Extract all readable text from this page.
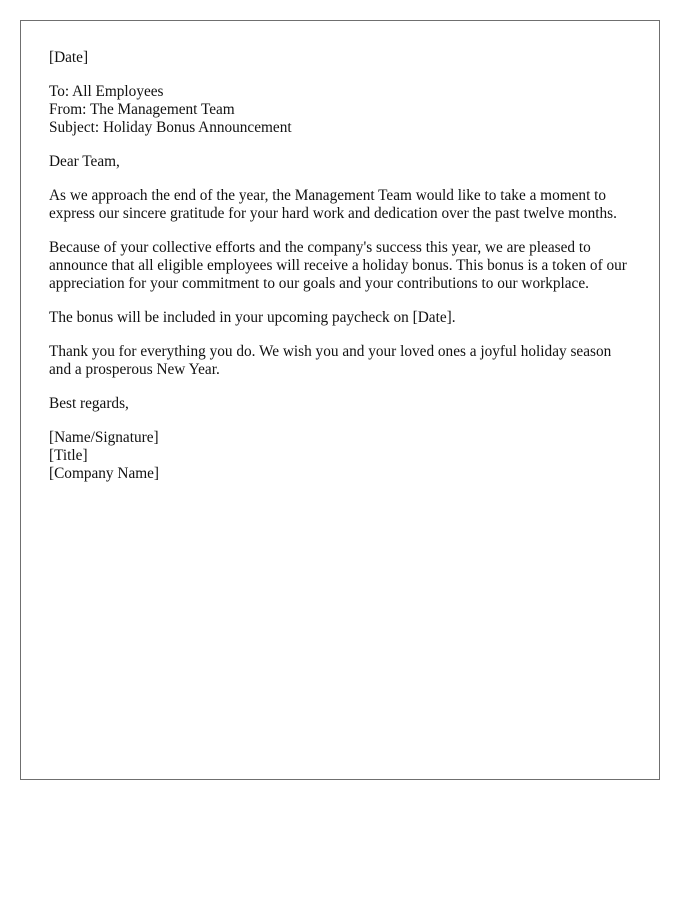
[Date]

To: All Employees
From: The Management Team
Subject: Holiday Bonus Announcement

Dear Team,

As we approach the end of the year, the Management Team would like to take a moment to express our sincere gratitude for your hard work and dedication over the past twelve months.

Because of your collective efforts and the company's success this year, we are pleased to announce that all eligible employees will receive a holiday bonus. This bonus is a token of our appreciation for your commitment to our goals and your contributions to our workplace.

The bonus will be included in your upcoming paycheck on [Date].

Thank you for everything you do. We wish you and your loved ones a joyful holiday season and a prosperous New Year.

Best regards,

[Name/Signature]
[Title]
[Company Name]
